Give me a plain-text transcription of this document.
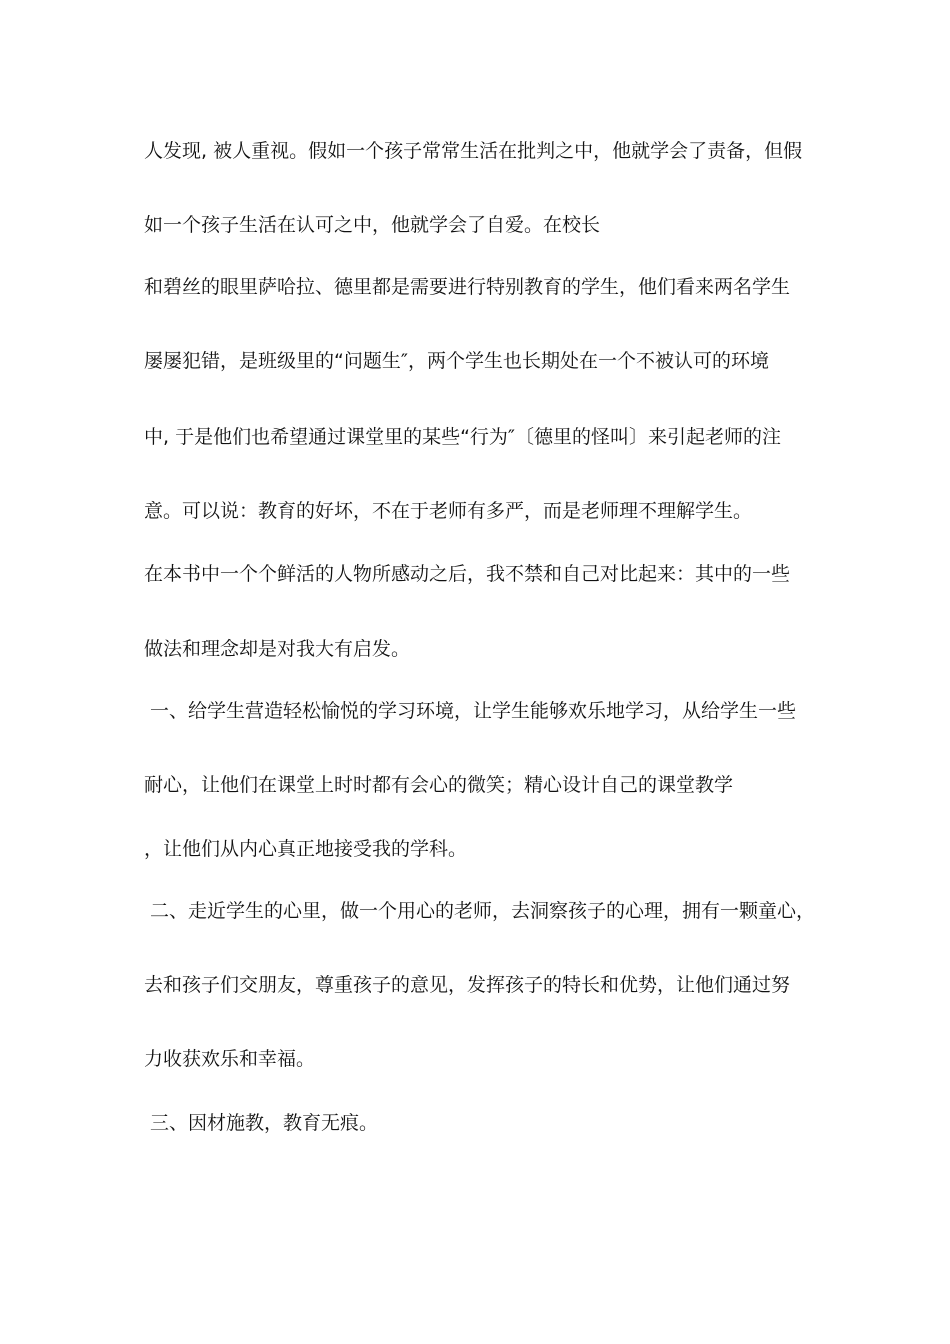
人发现, 被人重视。假如一个孩子常常生活在批判之中，他就学会了责备，但假
如一个孩子生活在认可之中，他就学会了自爱。在校长
和碧丝的眼里萨哈拉、德里都是需要进行特别教育的学生，他们看来两名学生
屡屡犯错，是班级里的“问题生″，两个学生也长期处在一个不被认可的环境
中, 于是他们也希望通过课堂里的某些“行为″〔德里的怪叫〕来引起老师的注
意。可以说：教育的好坏，不在于老师有多严，而是老师理不理解学生。
在本书中一个个鲜活的人物所感动之后，我不禁和自己对比起来：其中的一些
做法和理念却是对我大有启发。
一、给学生营造轻松愉悦的学习环境，让学生能够欢乐地学习，从给学生一些
耐心，让他们在课堂上时时都有会心的微笑；精心设计自己的课堂教学
，让他们从内心真正地接受我的学科。
二、走近学生的心里，做一个用心的老师，去洞察孩子的心理，拥有一颗童心，
去和孩子们交朋友，尊重孩子的意见，发挥孩子的特长和优势，让他们通过努
力收获欢乐和幸福。
三、因材施教，教育无痕。
